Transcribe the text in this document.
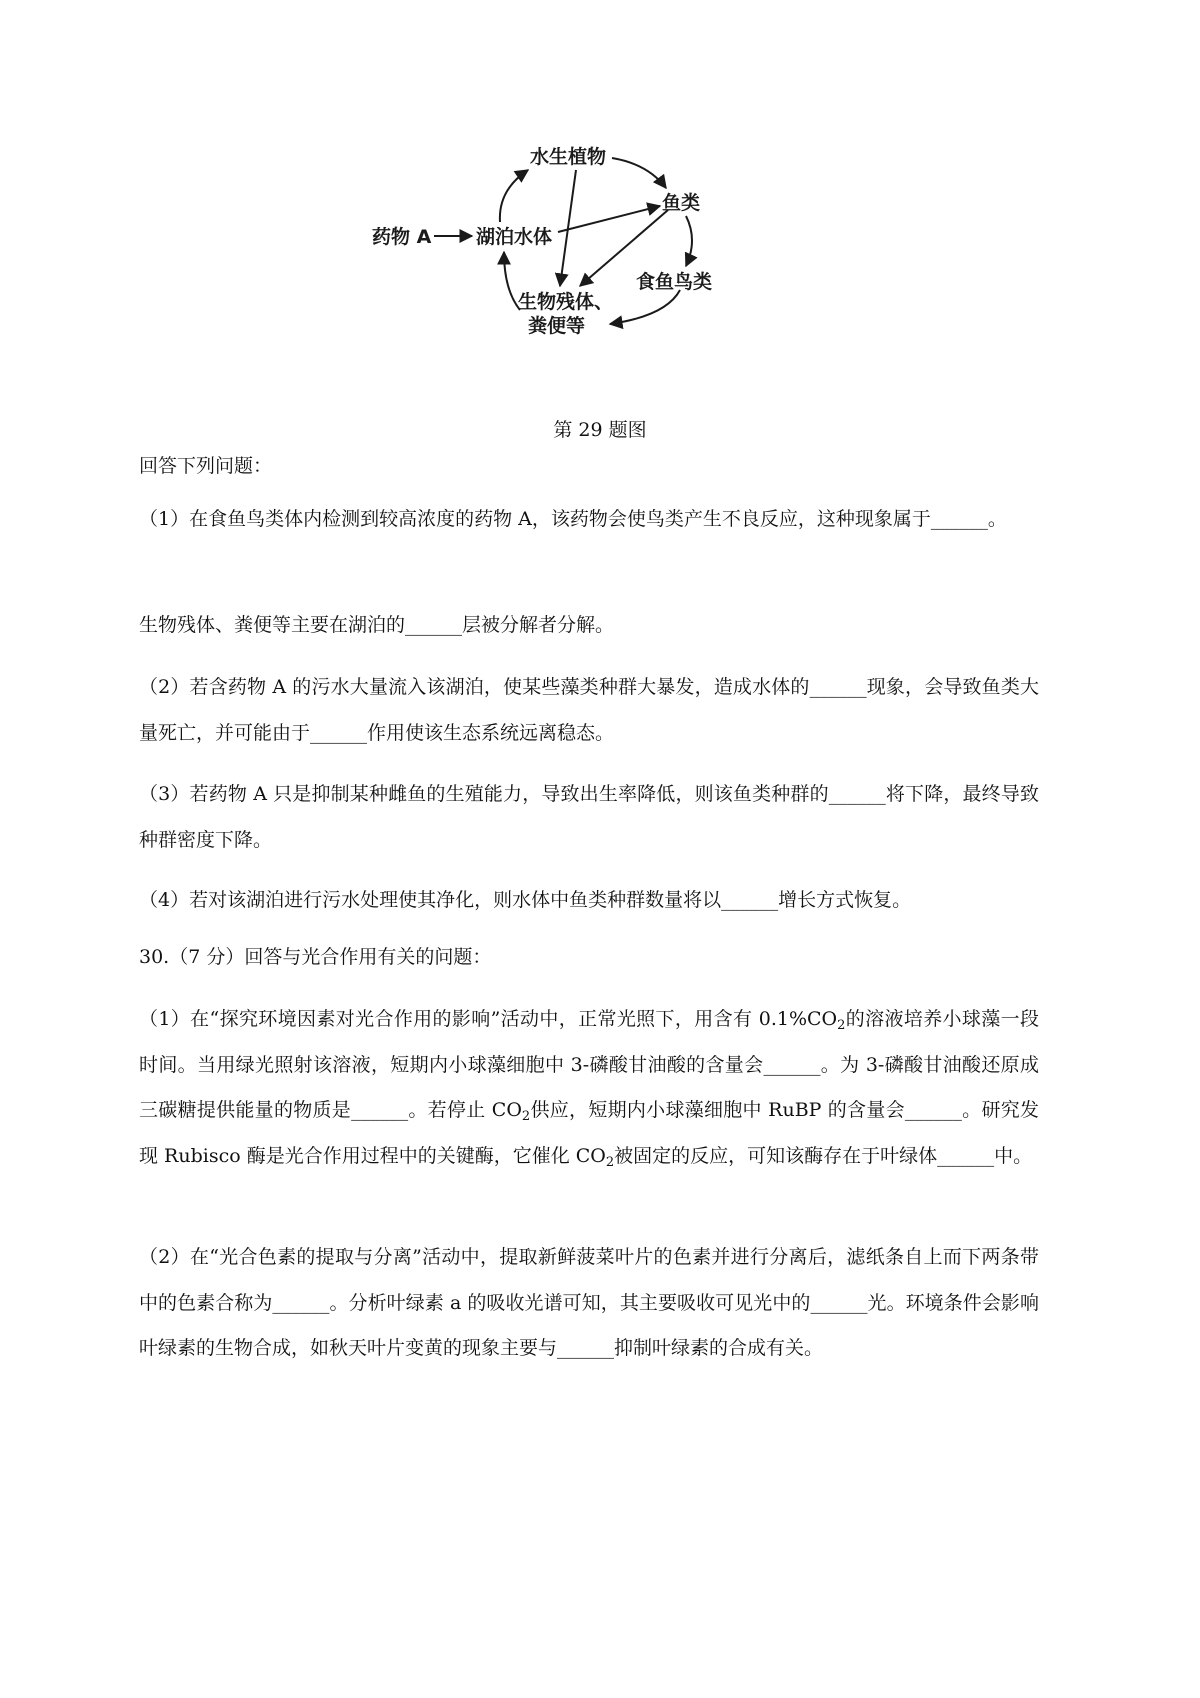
水生植物
鱼类
药物 A 湖泊水体
食鱼鸟类
生物残体、
粪便等
第 29 题图

回答下列问题：

（1）在食鱼鸟类体内检测到较高浓度的药物 A，该药物会使鸟类产生不良反应，这种现象属于______。

生物残体、粪便等主要在湖泊的______层被分解者分解。

（2）若含药物 A 的污水大量流入该湖泊，使某些藻类种群大暴发，造成水体的______现象，会导致鱼类大量死亡，并可能由于______作用使该生态系统远离稳态。

（3）若药物 A 只是抑制某种雌鱼的生殖能力，导致出生率降低，则该鱼类种群的______将下降，最终导致种群密度下降。

（4）若对该湖泊进行污水处理使其净化，则水体中鱼类种群数量将以______增长方式恢复。

30.（7 分）回答与光合作用有关的问题：

（1）在“探究环境因素对光合作用的影响”活动中，正常光照下，用含有 $0.1\%CO_2$的溶液培养小球藻一段时间。当用绿光照射该溶液，短期内小球藻细胞中 3-磷酸甘油酸的含量会______。为 3-磷酸甘油酸还原成三碳糖提供能量的物质是______。若停止 $CO_2$供应，短期内小球藻细胞中 RuBP 的含量会______。研究发现 Rubisco 酶是光合作用过程中的关键酶，它催化 $CO_2$被固定的反应，可知该酶存在于叶绿体______中。

（2）在“光合色素的提取与分离”活动中，提取新鲜菠菜叶片的色素并进行分离后，滤纸条自上而下两条带中的色素合称为______。分析叶绿素 a 的吸收光谱可知，其主要吸收可见光中的______光。环境条件会影响叶绿素的生物合成，如秋天叶片变黄的现象主要与______抑制叶绿素的合成有关。
